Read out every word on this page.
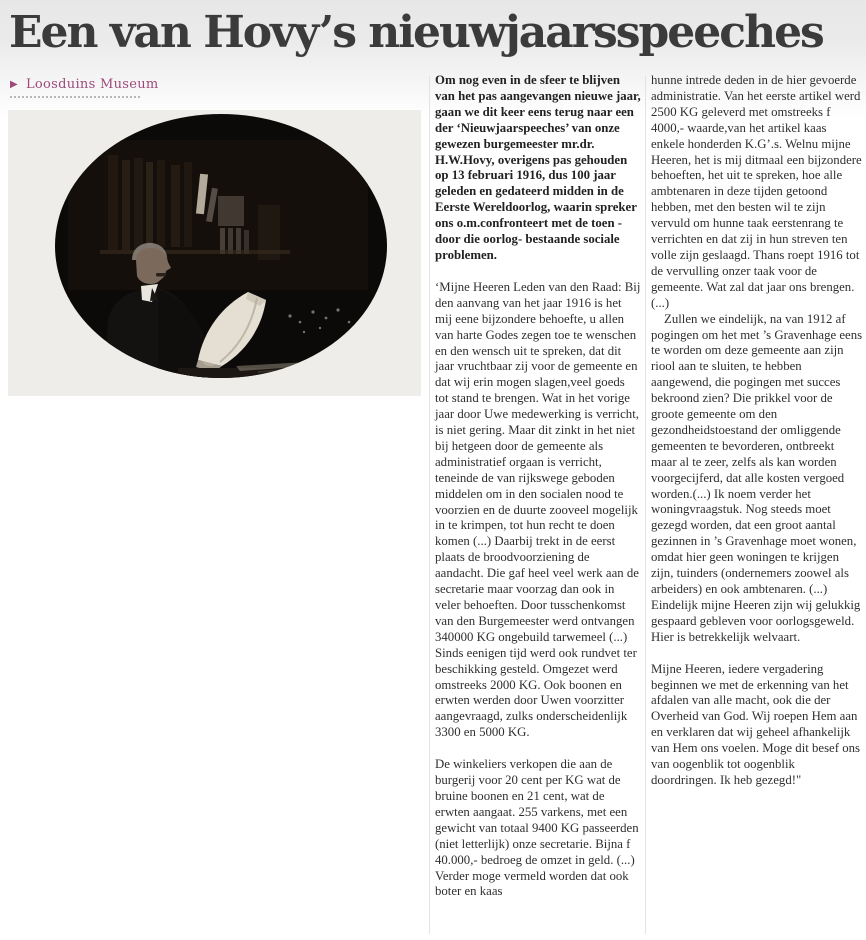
Een van Hovy’s nieuwjaarsspeeches
▶ Loosduins Museum	Om nog even in de sfeer te blijven van het pas aangevangen nieuwe jaar, gaan we dit keer eens terug naar een der ‘Nieuwjaarspeeches’ van onze gewezen burgemeester mr.dr. H.W.Hovy, overigens pas gehouden op 13 februari 1916, dus 100 jaar geleden en gedateerd midden in de Eerste Wereldoorlog, waarin spreker ons o.m.confronteert met de toen -door die oorlog- bestaande sociale problemen.

‘Mijne Heeren Leden van den Raad: Bij den aanvang van het jaar 1916 is het mij eene bijzondere behoefte, u allen van harte Godes zegen toe te wenschen en den wensch uit te spreken, dat dit jaar vruchtbaar zij voor de gemeente en dat wij erin mogen slagen,veel goeds tot stand te brengen. Wat in het vorige jaar door Uwe medewerking is verricht, is niet gering. Maar dit zinkt in het niet bij hetgeen door de gemeente als administratief orgaan is verricht, teneinde de van rijkswege geboden middelen om in den socialen nood te voorzien en de duurte zooveel mogelijk in te krimpen, tot hun recht te doen komen (...) Daarbij trekt in de eerst plaats de broodvoorziening de aandacht. Die gaf heel veel werk aan de secretarie maar voorzag dan ook in veler behoeften. Door tusschenkomst van den Burgemeester werd ontvangen 340000 KG ongebuild tarwemeel (...) Sinds eenigen tijd werd ook rundvet ter beschikking gesteld. Omgezet werd omstreeks 2000 KG. Ook boonen en erwten werden door Uwen voorzitter aangevraagd, zulks onderscheidenlijk 3300 en 5000 KG.

De winkeliers verkopen die aan de burgerij voor 20 cent per KG wat de bruine boonen en 21 cent, wat de erwten aangaat. 255 varkens, met een gewicht van totaal 9400 KG passeerden (niet letterlijk) onze secretarie. Bijna f 40.000,- bedroeg de omzet in geld. (...) Verder moge vermeld worden dat ook boter en kaas

hunne intrede deden in de hier gevoerde administratie. Van het eerste artikel werd 2500 KG geleverd met omstreeks f 4000,- waarde,van het artikel kaas enkele honderden K.G’.s. Welnu mijne Heeren, het is mij ditmaal een bijzondere behoeften, het uit te spreken, hoe alle ambtenaren in deze tijden getoond hebben, met den besten wil te zijn vervuld om hunne taak eerstenrang te verrichten en dat zij in hun streven ten volle zijn geslaagd. Thans roept 1916 tot de vervulling onzer taak voor de gemeente. Wat zal dat jaar ons brengen.(...)

Zullen we eindelijk, na van 1912 af pogingen om het met ’s Gravenhage eens te worden om deze gemeente aan zijn riool aan te sluiten, te hebben aangewend, die pogingen met succes bekroond zien? Die prikkel voor de groote gemeente om den gezondheidstoestand der omliggende gemeenten te bevorderen, ontbreekt maar al te zeer, zelfs als kan worden voorgecijferd, dat alle kosten vergoed worden.(...) Ik noem verder het woningvraagstuk. Nog steeds moet gezegd worden, dat een groot aantal gezinnen in ’s Gravenhage moet wonen, omdat hier geen woningen te krijgen zijn, tuinders (ondernemers zoowel als arbeiders) en ook ambtenaren. (...) Eindelijk mijne Heeren zijn wij gelukkig gespaard gebleven voor oorlogsgeweld. Hier is betrekkelijk welvaart.

Mijne Heeren, iedere vergadering beginnen we met de erkenning van het afdalen van alle macht, ook die der Overheid van God. Wij roepen Hem aan en verklaren dat wij geheel afhankelijk van Hem ons voelen. Moge dit besef ons van oogenblik tot oogenblik doordringen. Ik heb gezegd!"
